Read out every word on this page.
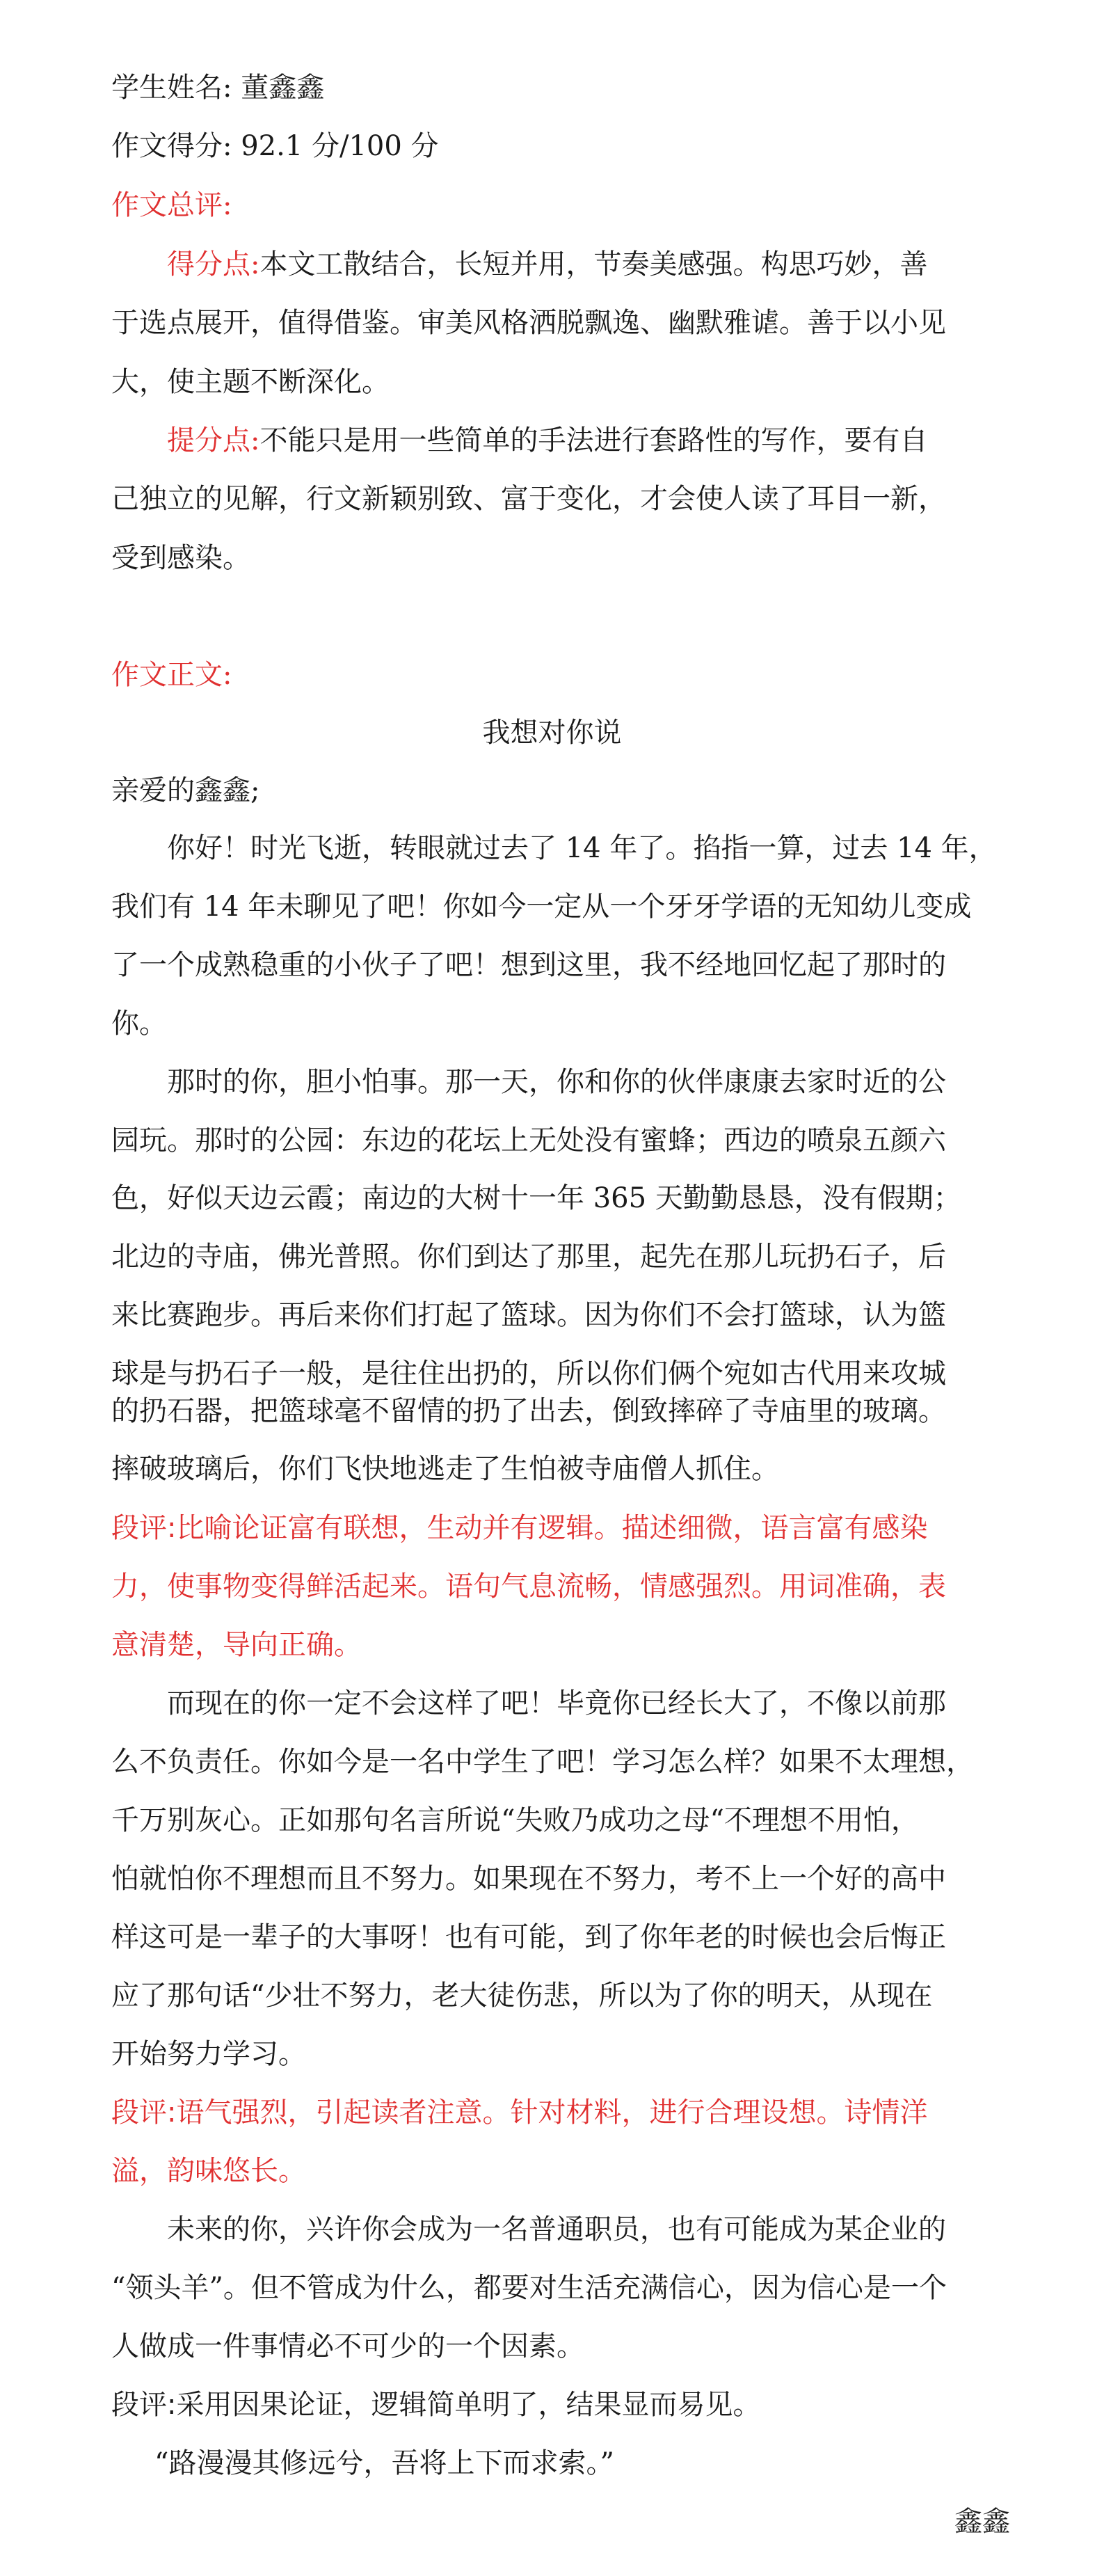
学生姓名: 董鑫鑫
作文得分: 92.1 分/100 分
作文总评:
得分点:本文工散结合，长短并用，节奏美感强。构思巧妙，善
于选点展开，值得借鉴。审美风格洒脱飘逸、幽默雅谑。善于以小见
大，使主题不断深化。
提分点:不能只是用一些简单的手法进行套路性的写作，要有自
己独立的见解，行文新颖别致、富于变化，才会使人读了耳目一新，
受到感染。
作文正文:
我想对你说
亲爱的鑫鑫;
你好！时光飞逝，转眼就过去了 14 年了。掐指一算，过去 14 年，
我们有 14 年未聊见了吧！你如今一定从一个牙牙学语的无知幼儿变成
了一个成熟稳重的小伙子了吧！想到这里，我不经地回忆起了那时的
你。
那时的你，胆小怕事。那一天，你和你的伙伴康康去家时近的公
园玩。那时的公园：东边的花坛上无处没有蜜蜂；西边的喷泉五颜六
色，好似天边云霞；南边的大树十一年 365 天勤勤恳恳，没有假期；
北边的寺庙，佛光普照。你们到达了那里，起先在那儿玩扔石子，后
来比赛跑步。再后来你们打起了篮球。因为你们不会打篮球，认为篮
球是与扔石子一般，是往住出扔的，所以你们俩个宛如古代用来攻城
的扔石器，把篮球毫不留情的扔了出去，倒致摔碎了寺庙里的玻璃。
摔破玻璃后，你们飞快地逃走了生怕被寺庙僧人抓住。
段评:比喻论证富有联想，生动并有逻辑。描述细微，语言富有感染
力，使事物变得鲜活起来。语句气息流畅，情感强烈。用词准确，表
意清楚，导向正确。
而现在的你一定不会这样了吧！毕竟你已经长大了，不像以前那
么不负责任。你如今是一名中学生了吧！学习怎么样？如果不太理想，
千万别灰心。正如那句名言所说“失败乃成功之母“不理想不用怕，
怕就怕你不理想而且不努力。如果现在不努力，考不上一个好的高中
样这可是一辈子的大事呀！也有可能，到了你年老的时候也会后悔正
应了那句话“少壮不努力，老大徒伤悲，所以为了你的明天，从现在
开始努力学习。
段评:语气强烈，引起读者注意。针对材料，进行合理设想。诗情洋
溢，韵味悠长。
未来的你，兴许你会成为一名普通职员，也有可能成为某企业的
“领头羊”。但不管成为什么，都要对生活充满信心，因为信心是一个
人做成一件事情必不可少的一个因素。
段评:采用因果论证，逻辑简单明了，结果显而易见。
“路漫漫其修远兮，吾将上下而求索。”
鑫鑫
